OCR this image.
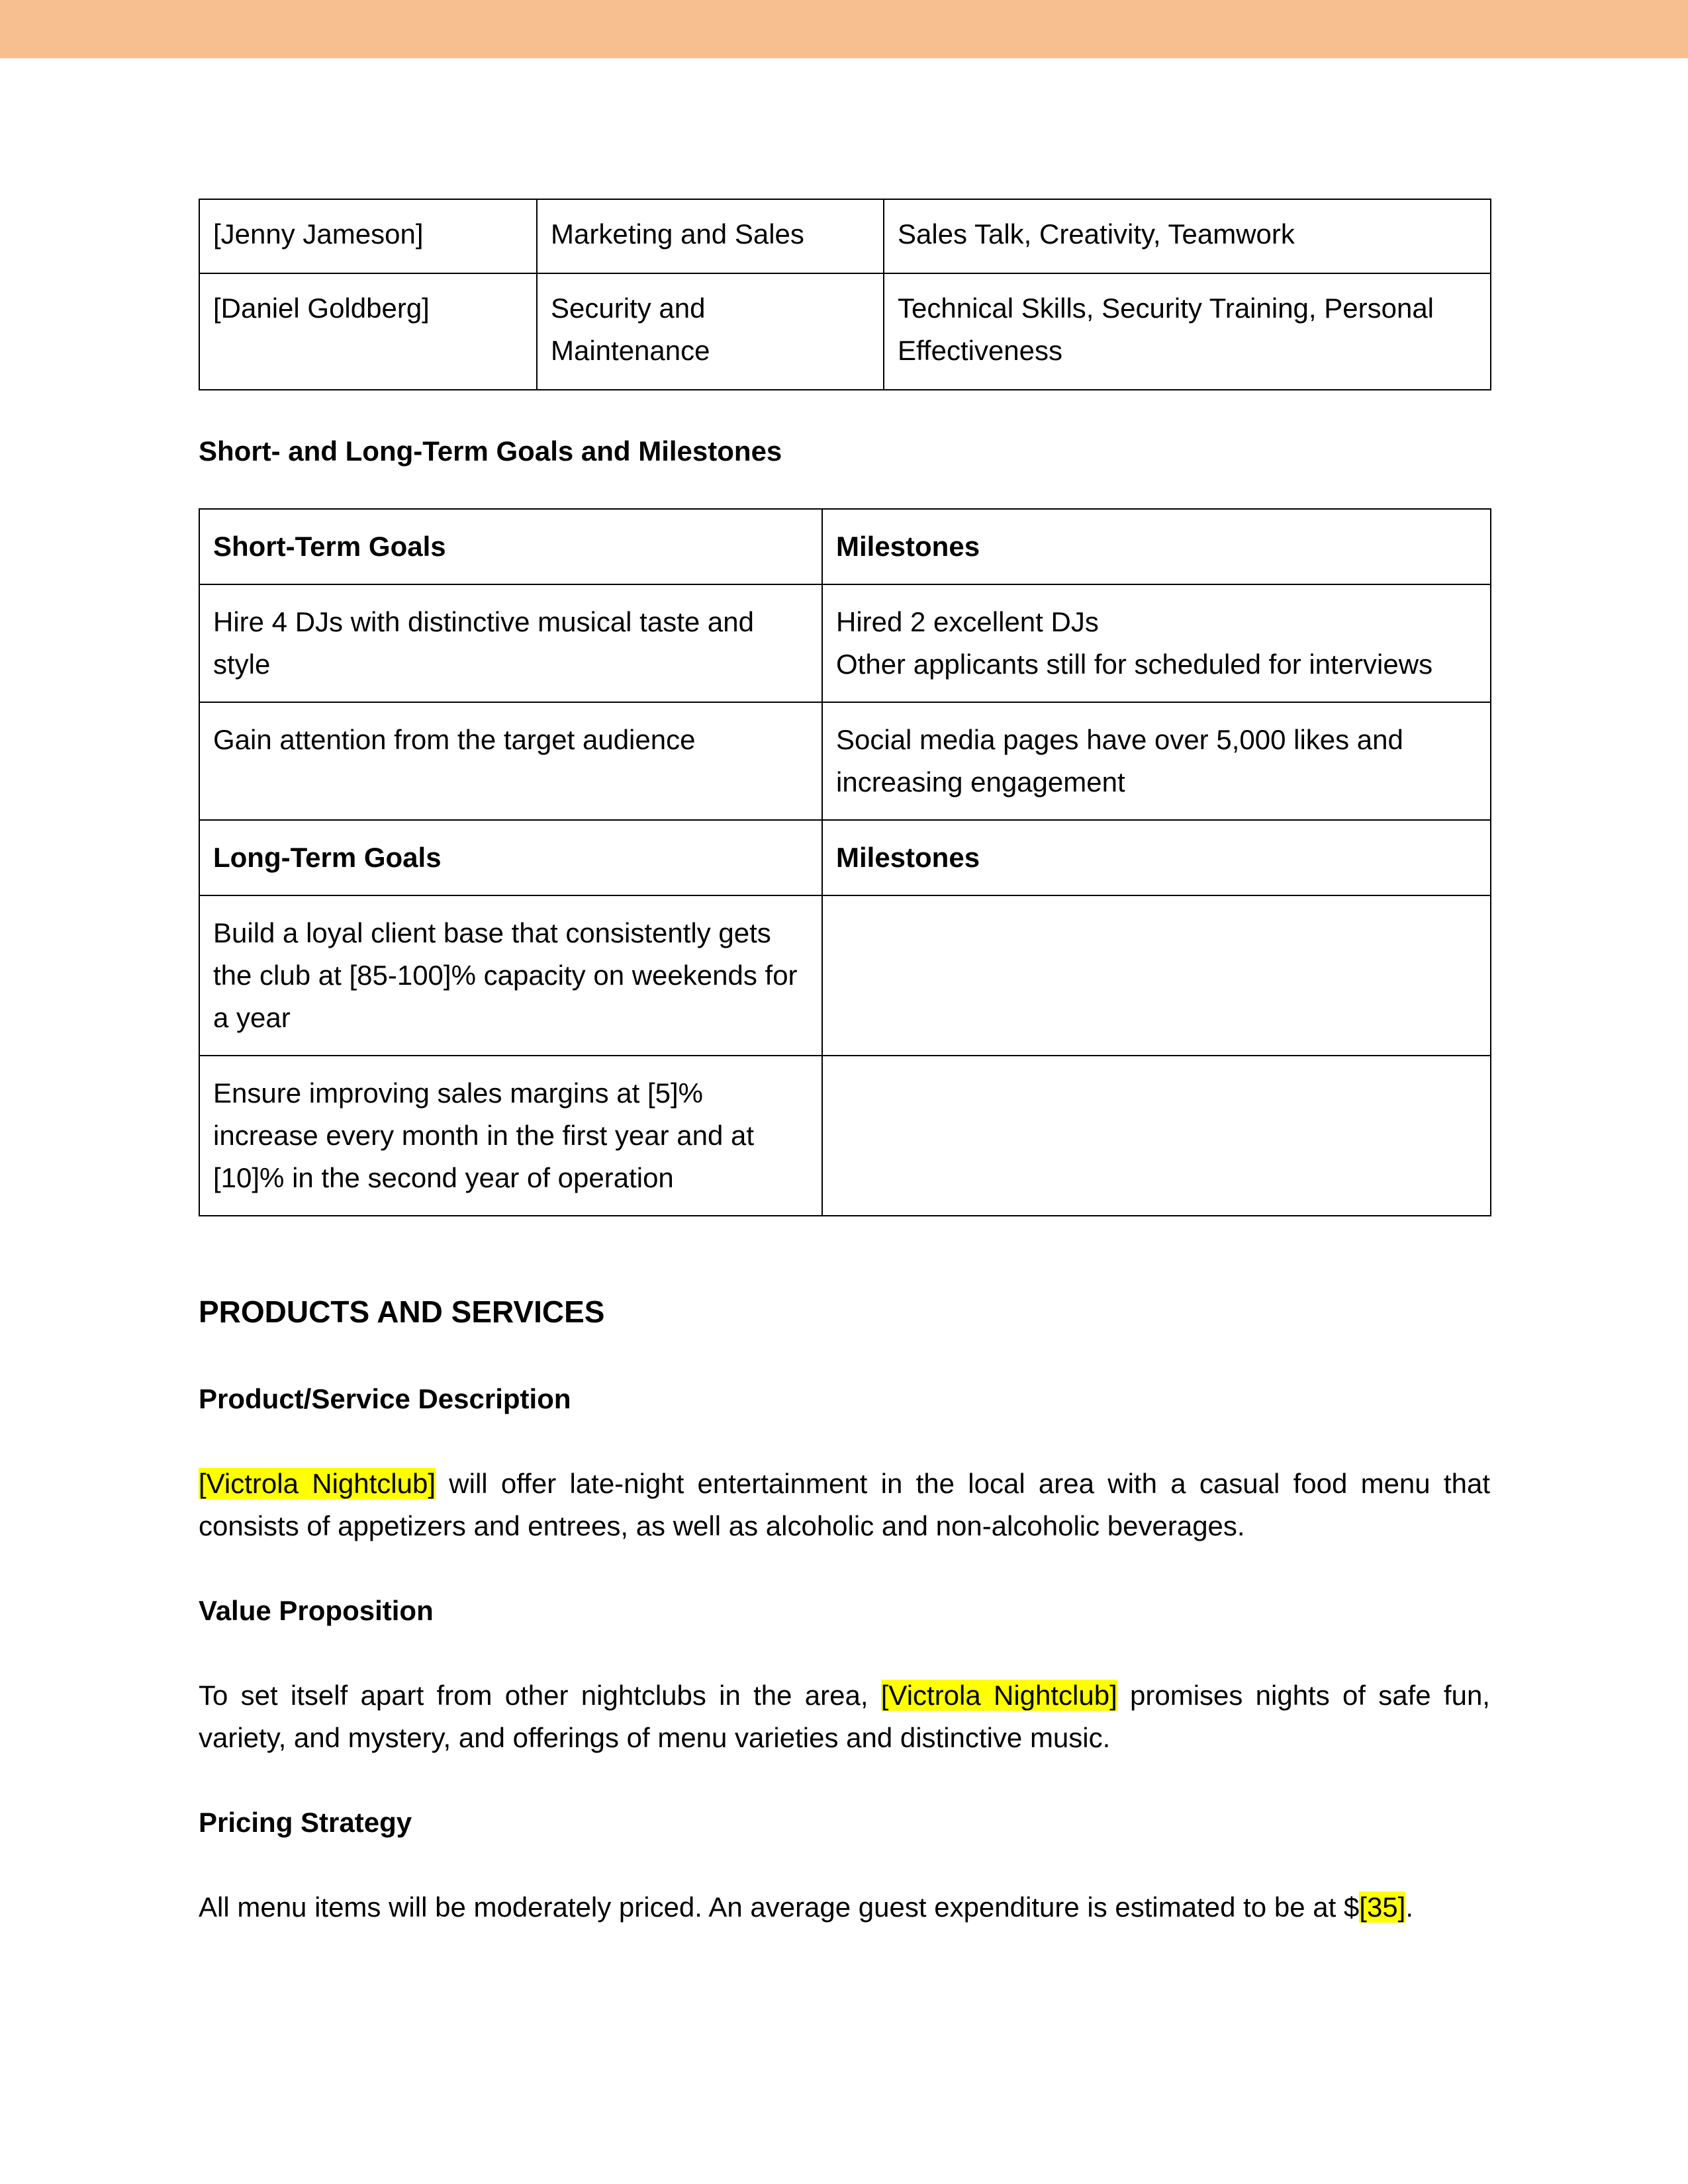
[Jenny Jameson]	Marketing and Sales	Sales Talk, Creativity, Teamwork
[Daniel Goldberg]	Security and Maintenance	Technical Skills, Security Training, Personal Effectiveness

Short- and Long-Term Goals and Milestones

Short-Term Goals	Milestones
Hire 4 DJs with distinctive musical taste and style	Hired 2 excellent DJs
Other applicants still for scheduled for interviews

Gain attention from the target audience	Social media pages have over 5,000 likes and increasing engagement

Long-Term Goals	Milestones
Build a loyal client base that consistently gets the club at [85-100]% capacity on weekends for a year	
Ensure improving sales margins at [5]% increase every month in the first year and at [10]% in the second year of operation	

PRODUCTS AND SERVICES

Product/Service Description

[Victrola Nightclub] will offer late-night entertainment in the local area with a casual food menu that consists of appetizers and entrees, as well as alcoholic and non-alcoholic beverages.

Value Proposition

To set itself apart from other nightclubs in the area, [Victrola Nightclub] promises nights of safe fun, variety, and mystery, and offerings of menu varieties and distinctive music.

Pricing Strategy

All menu items will be moderately priced. An average guest expenditure is estimated to be at $[35].
